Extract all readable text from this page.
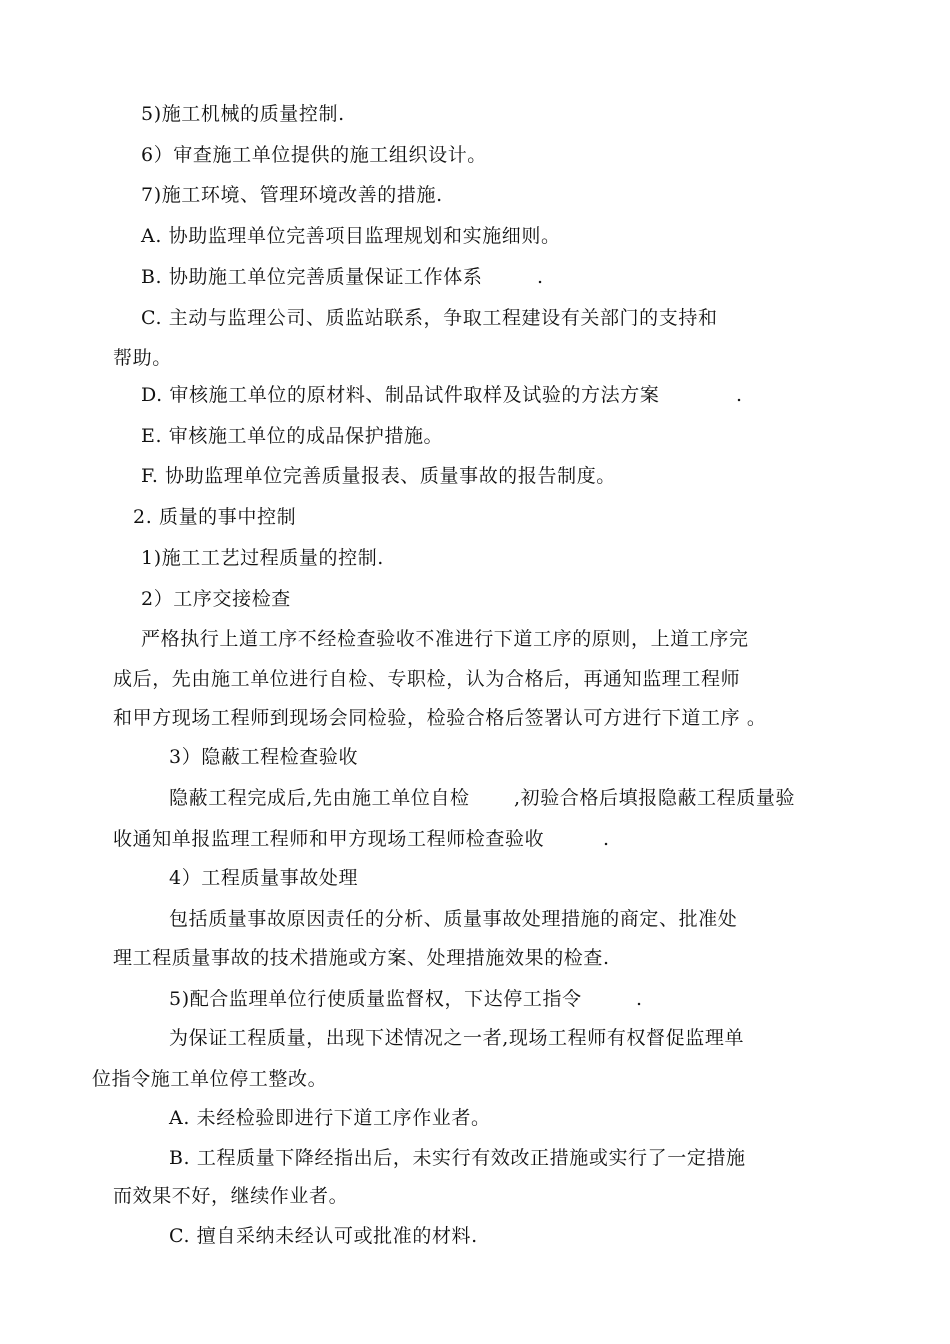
5)施工机械的质量控制.
6）审查施工单位提供的施工组织设计。
7)施工环境、管理环境改善的措施.
A. 协助监理单位完善项目监理规划和实施细则。
B. 协助施工单位完善质量保证工作体系	.
C. 主动与监理公司、质监站联系，争取工程建设有关部门的支持和
帮助。
D. 审核施工单位的原材料、制品试件取样及试验的方法方案	.
E. 审核施工单位的成品保护措施。
F. 协助监理单位完善质量报表、质量事故的报告制度。
2. 质量的事中控制
1)施工工艺过程质量的控制.
2）工序交接检查
严格执行上道工序不经检查验收不准进行下道工序的原则，上道工序完
成后，先由施工单位进行自检、专职检，认为合格后，再通知监理工程师
和甲方现场工程师到现场会同检验，检验合格后签署认可方进行下道工序 。
3）隐蔽工程检查验收
隐蔽工程完成后,先由施工单位自检 ,初验合格后填报隐蔽工程质量验
收通知单报监理工程师和甲方现场工程师检查验收	.
4）工程质量事故处理
包括质量事故原因责任的分析、质量事故处理措施的商定、批准处
理工程质量事故的技术措施或方案、处理措施效果的检查.
5)配合监理单位行使质量监督权，下达停工指令	.
为保证工程质量，出现下述情况之一者,现场工程师有权督促监理单
位指令施工单位停工整改。
A. 未经检验即进行下道工序作业者。
B. 工程质量下降经指出后，未实行有效改正措施或实行了一定措施
而效果不好，继续作业者。
C. 擅自采纳未经认可或批准的材料.
